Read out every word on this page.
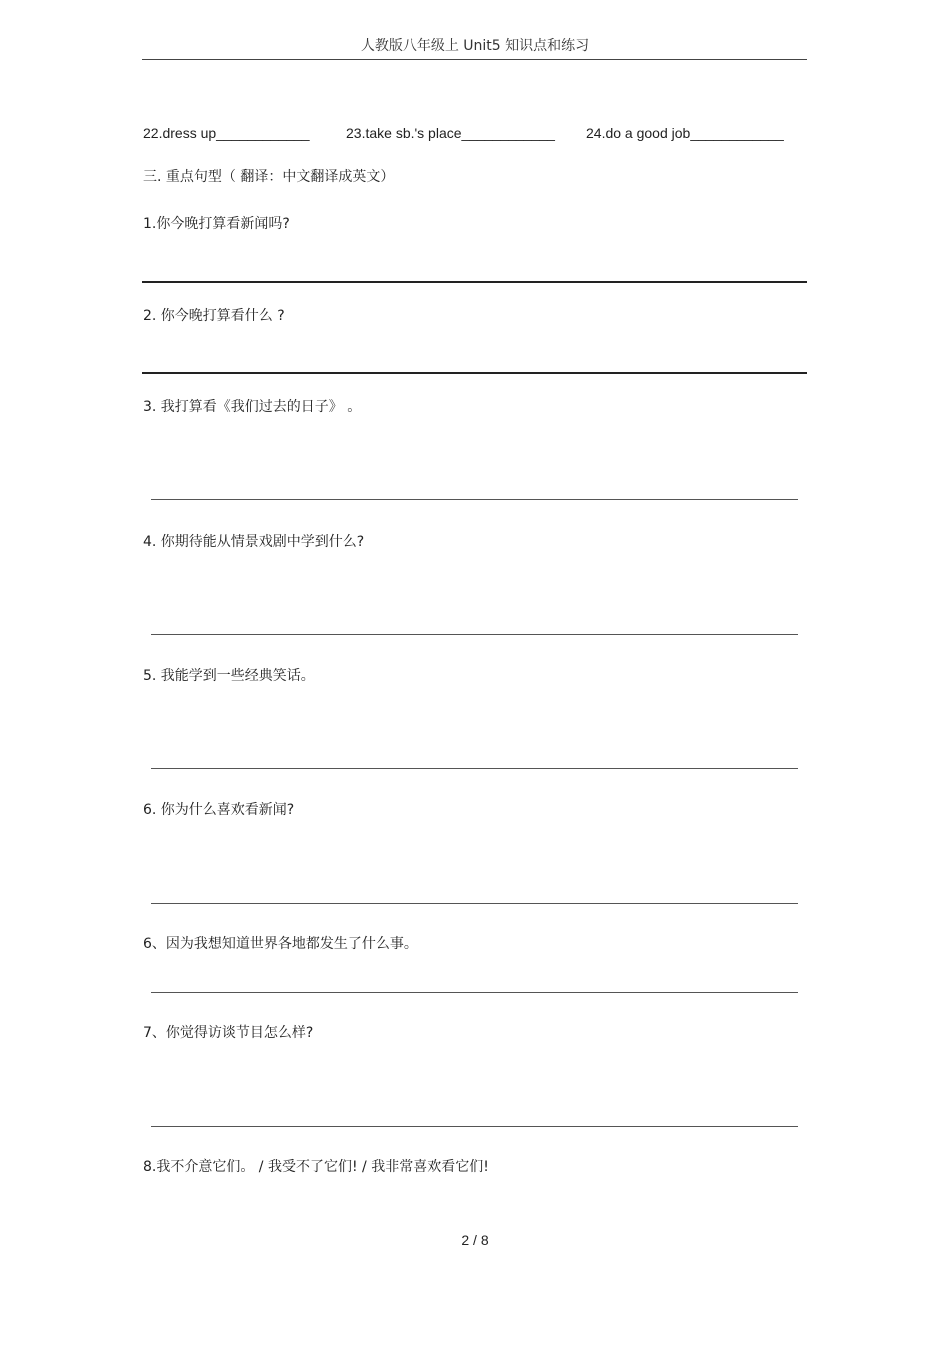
人教版八年级上 Unit5 知识点和练习
22.dress up____________	23.take sb.'s place____________ 24.do a good job____________
三. 重点句型（ 翻译：中文翻译成英文）
1.你今晚打算看新闻吗?
2. 你今晚打算看什么 ?
3. 我打算看《我们过去的日子》 。
4. 你期待能从情景戏剧中学到什么?
5. 我能学到一些经典笑话。
6. 你为什么喜欢看新闻?
6、因为我想知道世界各地都发生了什么事。
7、你觉得访谈节目怎么样?
8.我不介意它们。 / 我受不了它们! / 我非常喜欢看它们!
2 / 8
